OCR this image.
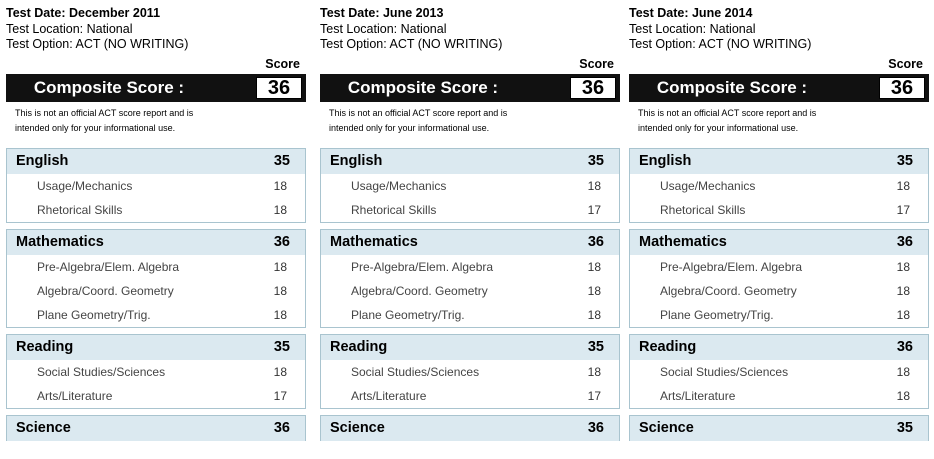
Test Date: December 2011
Test Location: National
Test Option: ACT (NO WRITING)
Score
Composite Score :	36
This is not an official ACT score report and is
intended only for your informational use.
English	35
Usage/Mechanics	18
Rhetorical Skills	18
Mathematics	36
Pre-Algebra/Elem. Algebra	18
Algebra/Coord. Geometry	18
Plane Geometry/Trig.	18
Reading	35
Social Studies/Sciences	18
Arts/Literature	17
Science	36
Test Date: June 2013
Test Location: National
Test Option: ACT (NO WRITING)
Score
Composite Score :	36
This is not an official ACT score report and is
intended only for your informational use.
English	35
Usage/Mechanics	18
Rhetorical Skills	17
Mathematics	36
Pre-Algebra/Elem. Algebra	18
Algebra/Coord. Geometry	18
Plane Geometry/Trig.	18
Reading	35
Social Studies/Sciences	18
Arts/Literature	17
Science	36
Test Date: June 2014
Test Location: National
Test Option: ACT (NO WRITING)
Score
Composite Score :	36
This is not an official ACT score report and is
intended only for your informational use.
English	35
Usage/Mechanics	18
Rhetorical Skills	17
Mathematics	36
Pre-Algebra/Elem. Algebra	18
Algebra/Coord. Geometry	18
Plane Geometry/Trig.	18
Reading	36
Social Studies/Sciences	18
Arts/Literature	18
Science	35
